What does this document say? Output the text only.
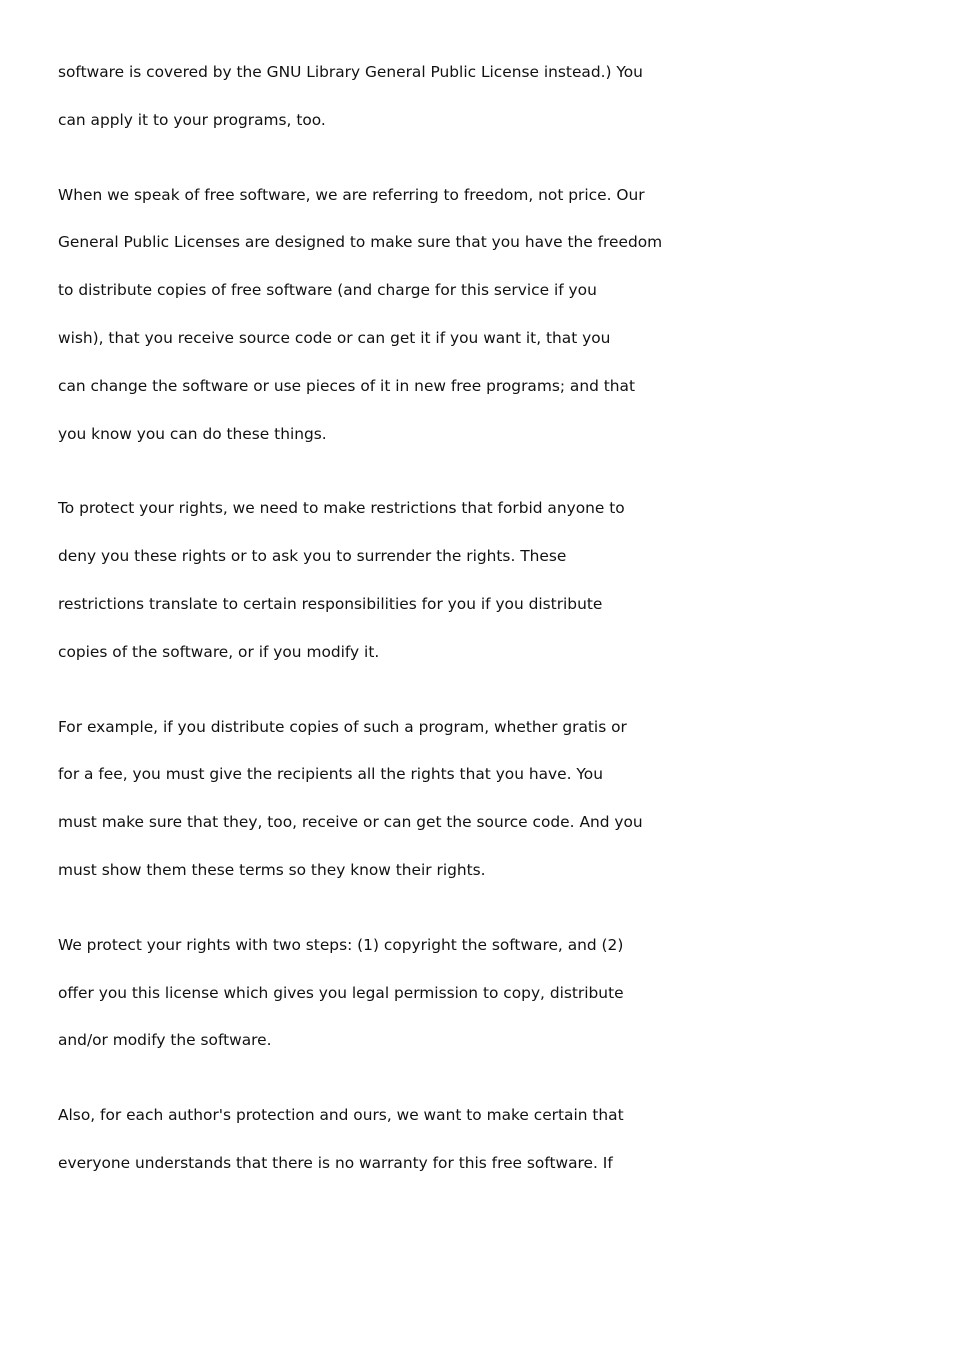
software is covered by the GNU Library General Public License instead.) You
can apply it to your programs, too.

When we speak of free software, we are referring to freedom, not price. Our
General Public Licenses are designed to make sure that you have the freedom
to distribute copies of free software (and charge for this service if you
wish), that you receive source code or can get it if you want it, that you
can change the software or use pieces of it in new free programs; and that
you know you can do these things.

To protect your rights, we need to make restrictions that forbid anyone to
deny you these rights or to ask you to surrender the rights. These
restrictions translate to certain responsibilities for you if you distribute
copies of the software, or if you modify it.

For example, if you distribute copies of such a program, whether gratis or
for a fee, you must give the recipients all the rights that you have. You
must make sure that they, too, receive or can get the source code. And you
must show them these terms so they know their rights.

We protect your rights with two steps: (1) copyright the software, and (2)
offer you this license which gives you legal permission to copy, distribute
and/or modify the software.

Also, for each author's protection and ours, we want to make certain that
everyone understands that there is no warranty for this free software. If
